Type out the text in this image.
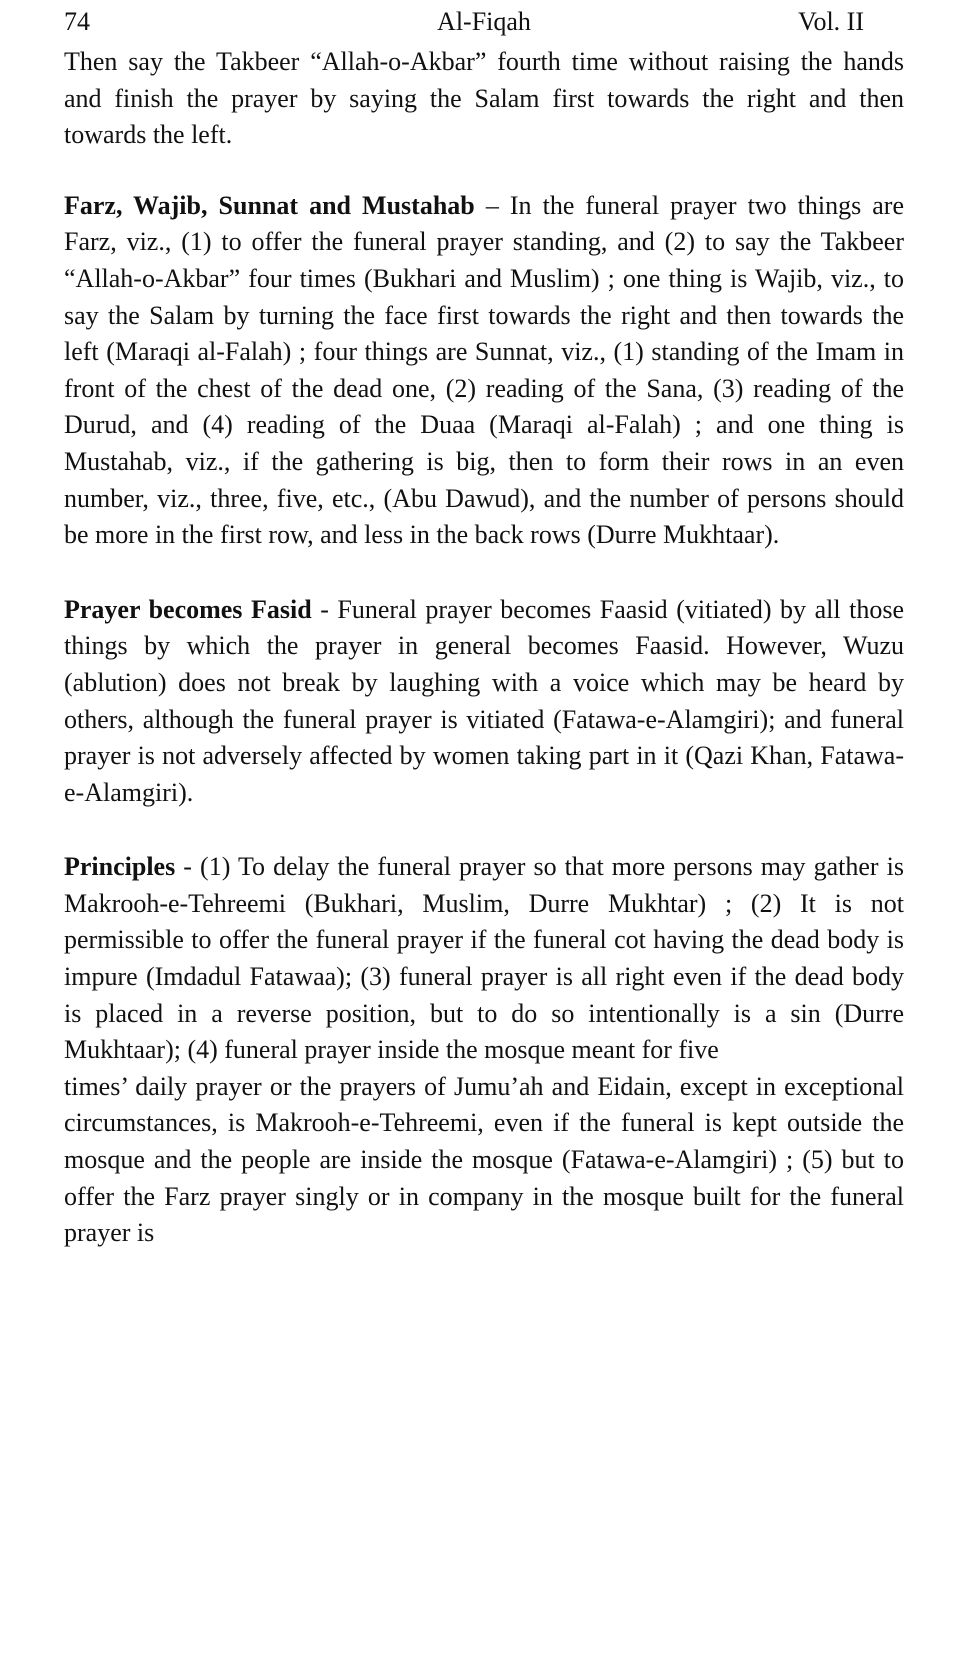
74	Al-Fiqah	Vol. II

Then say the Takbeer “Allah-o-Akbar” fourth time without raising the hands and finish the prayer by saying the Salam first towards the right and then towards the left.

Farz, Wajib, Sunnat and Mustahab – In the funeral prayer two things are Farz, viz., (1) to offer the funeral prayer standing, and (2) to say the Takbeer “Allah-o-Akbar” four times (Bukhari and Muslim) ; one thing is Wajib, viz., to say the Salam by turning the face first towards the right and then towards the left (Maraqi al-Falah) ; four things are Sunnat, viz., (1) standing of the Imam in front of the chest of the dead one, (2) reading of the Sana, (3) reading of the Durud, and (4) reading of the Duaa (Maraqi al-Falah) ; and one thing is Mustahab, viz., if the gathering is big, then to form their rows in an even number, viz., three, five, etc., (Abu Dawud), and the number of persons should be more in the first row, and less in the back rows (Durre Mukhtaar).

Prayer becomes Fasid - Funeral prayer becomes Faasid (vitiated) by all those things by which the prayer in general becomes Faasid. However, Wuzu (ablution) does not break by laughing with a voice which may be heard by others, although the funeral prayer is vitiated (Fatawa-e-Alamgiri); and funeral prayer is not adversely affected by women taking part in it (Qazi Khan, Fatawa-e-Alamgiri).

Principles - (1) To delay the funeral prayer so that more persons may gather is Makrooh-e-Tehreemi (Bukhari, Muslim, Durre Mukhtar) ; (2) It is not permissible to offer the funeral prayer if the funeral cot having the dead body is impure (Imdadul Fatawaa); (3) funeral prayer is all right even if the dead body is placed in a reverse position, but to do so intentionally is a sin (Durre Mukhtaar); (4) funeral prayer inside the mosque meant for five

times’ daily prayer or the prayers of Jumu’ah and Eidain, except in exceptional circumstances, is Makrooh-e-Tehreemi, even if the funeral is kept outside the mosque and the people are inside the mosque (Fatawa-e-Alamgiri) ; (5) but to offer the Farz prayer singly or in company in the mosque built for the funeral prayer is
